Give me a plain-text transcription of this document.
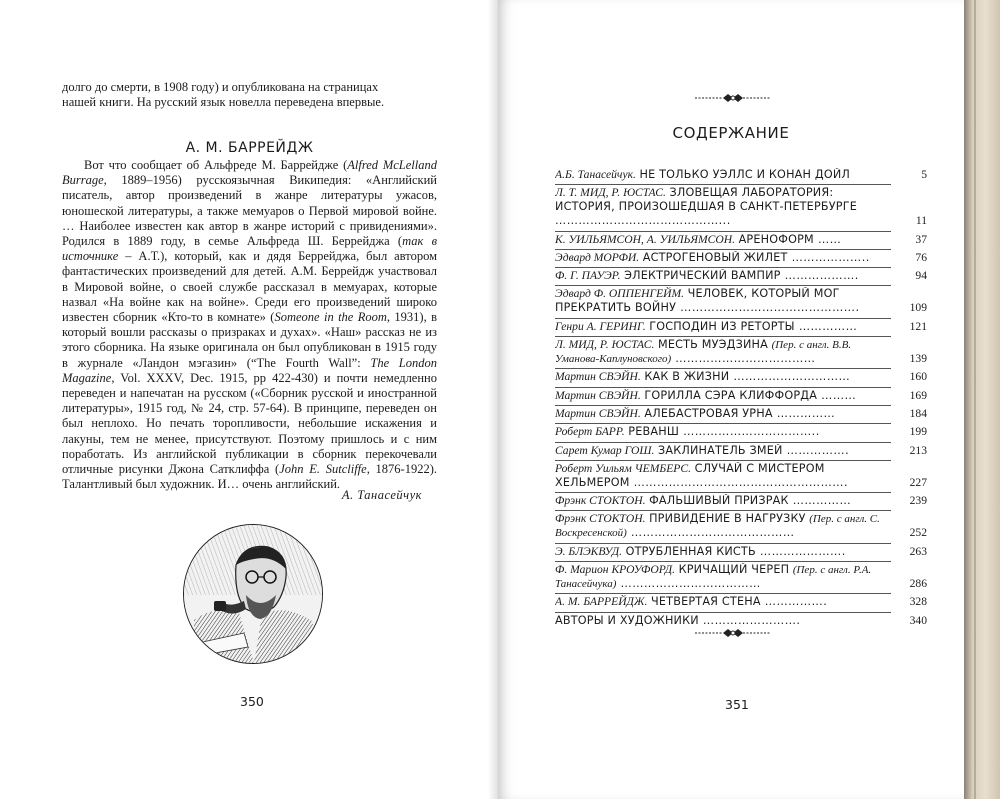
долго до смерти, в 1908 году) и опубликована на страницах

нашей книги. На русский язык новелла переведена впервые.

А. М. БАРРЕЙДЖ

Вот что сообщает об Альфреде М. Баррейдже (Alfred McLelland Burrage, 1889–1956) русскоязычная Википедия: «Английский писатель, автор произведений в жанре литературы ужасов, юношеской литературы, а также мемуаров о Первой мировой войне. … Наиболее известен как автор в жанре историй с привидениями». Родился в 1889 году, в семье Альфреда Ш. Беррейджа (так в источнике – А.Т.), который, как и дядя Беррейджа, был автором фантастических произведений для детей. А.М. Беррейдж участвовал в Мировой войне, о своей службе рассказал в мемуарах, которые назвал «На войне как на войне». Среди его произведений широко известен сборник «Кто-то в комнате» (Someone in the Room, 1931), в который вошли рассказы о призраках и духах». «Наш» рассказ не из этого сборника. На языке оригинала он был опубликован в 1915 году в журнале «Ландон мэгазин» (“The Fourth Wall”: The London Magazine, Vol. XXXV, Dec. 1915, pp 422-430) и почти немедленно переведен и напечатан на русском («Сборник русской и иностранной литературы», 1915 год, № 24, стр. 57-64). В принципе, переведен он был неплохо. Но печать торопливости, небольшие искажения и лакуны, тем не менее, присутствуют. Поэтому пришлось и с ним поработать. Из английской публикации в сборник перекочевали отличные рисунки Джона Сатклиффа (John E. Sutcliffe, 1876-1922). Талантливый был художник. И… очень английский.

А. Танасейчук
350
СОДЕРЖАНИЕ
А.Б. Танасейчук. НЕ ТОЛЬКО УЭЛЛС И КОНАН ДОЙЛ	5
Л. Т. МИД, Р. ЮСТАС. ЗЛОВЕЩАЯ ЛАБОРАТОРИЯ: ИСТОРИЯ, ПРОИЗОШЕДШАЯ В САНКТ-ПЕТЕРБУРГЕ ……………………………………...	11
К. УИЛЬЯМСОН, А. УИЛЬЯМСОН. АРЕНОФОРМ ……	37
Эдвард МОРФИ. АСТРОГЕНОВЫЙ ЖИЛЕТ ………………..	76
Ф. Г. ПАУЭР. ЭЛЕКТРИЧЕСКИЙ ВАМПИР ……………….	94
Эдвард Ф. ОППЕНГЕЙМ. ЧЕЛОВЕК, КОТОРЫЙ МОГ ПРЕКРАТИТЬ ВОЙНУ ……………………………………….	109
Генри А. ГЕРИНГ. ГОСПОДИН ИЗ РЕТОРТЫ ……………	121
Л. МИД, Р. ЮСТАС. МЕСТЬ МУЭДЗИНА (Пер. с англ. В.В. Уманова-Каплуновского) ………………………………	139
Мартин СВЭЙН. КАК В ЖИЗНИ …………………………	160
Мартин СВЭЙН. ГОРИЛЛА СЭРА КЛИФФОРДА ………	169
Мартин СВЭЙН. АЛЕБАСТРОВАЯ УРНА ……………	184
Роберт БАРР. РЕВАНШ ……………………………..	199
Сарет Кумар ГОШ. ЗАКЛИНАТЕЛЬ ЗМЕЙ …………….	213
Роберт Уильям ЧЕМБЕРС. СЛУЧАЙ С МИСТЕРОМ ХЕЛЬМЕРОМ ……………………………………………….	227
Фрэнк СТОКТОН. ФАЛЬШИВЫЙ ПРИЗРАК ……………	239
Фрэнк СТОКТОН. ПРИВИДЕНИЕ В НАГРУЗКУ (Пер. с англ. С. Воскресенской) ……………………………………	252
Э. БЛЭКВУД. ОТРУБЛЕННАЯ КИСТЬ ………………….	263
Ф. Марион КРОУФОРД. КРИЧАЩИЙ ЧЕРЕП (Пер. с англ. Р.А. Танасейчука) ………………………………	286
А. М. БАРРЕЙДЖ. ЧЕТВЕРТАЯ СТЕНА …………….	328
АВТОРЫ И ХУДОЖНИКИ …………………….	340
351
